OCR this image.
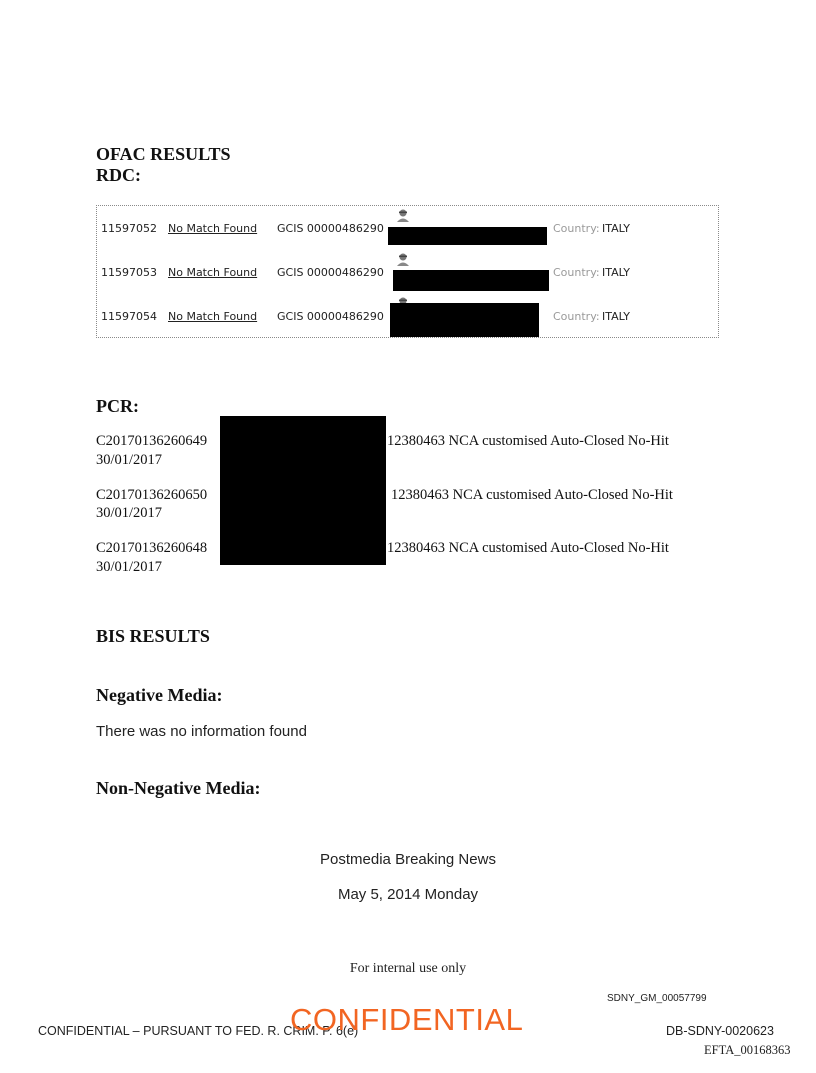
OFAC RESULTS
RDC:
11597052 No Match Found GCIS 00000486290	Country: ITALY
11597053 No Match Found GCIS 00000486290	Country: ITALY
11597054 No Match Found GCIS 00000486290	Country: ITALY
PCR:
C20170136260649	12380463 NCA customised Auto-Closed No-Hit
30/01/2017
C20170136260650	12380463 NCA customised Auto-Closed No-Hit
30/01/2017
C20170136260648	12380463 NCA customised Auto-Closed No-Hit
30/01/2017
BIS RESULTS
Negative Media:
There was no information found
Non-Negative Media:
Postmedia Breaking News
May 5, 2014 Monday
For internal use only
SDNY_GM_00057799
CONFIDENTIAL – PURSUANT TO FED. R. CRIM. P. 6(e)
CONFIDENTIAL	DB-SDNY-0020623
EFTA_00168363
